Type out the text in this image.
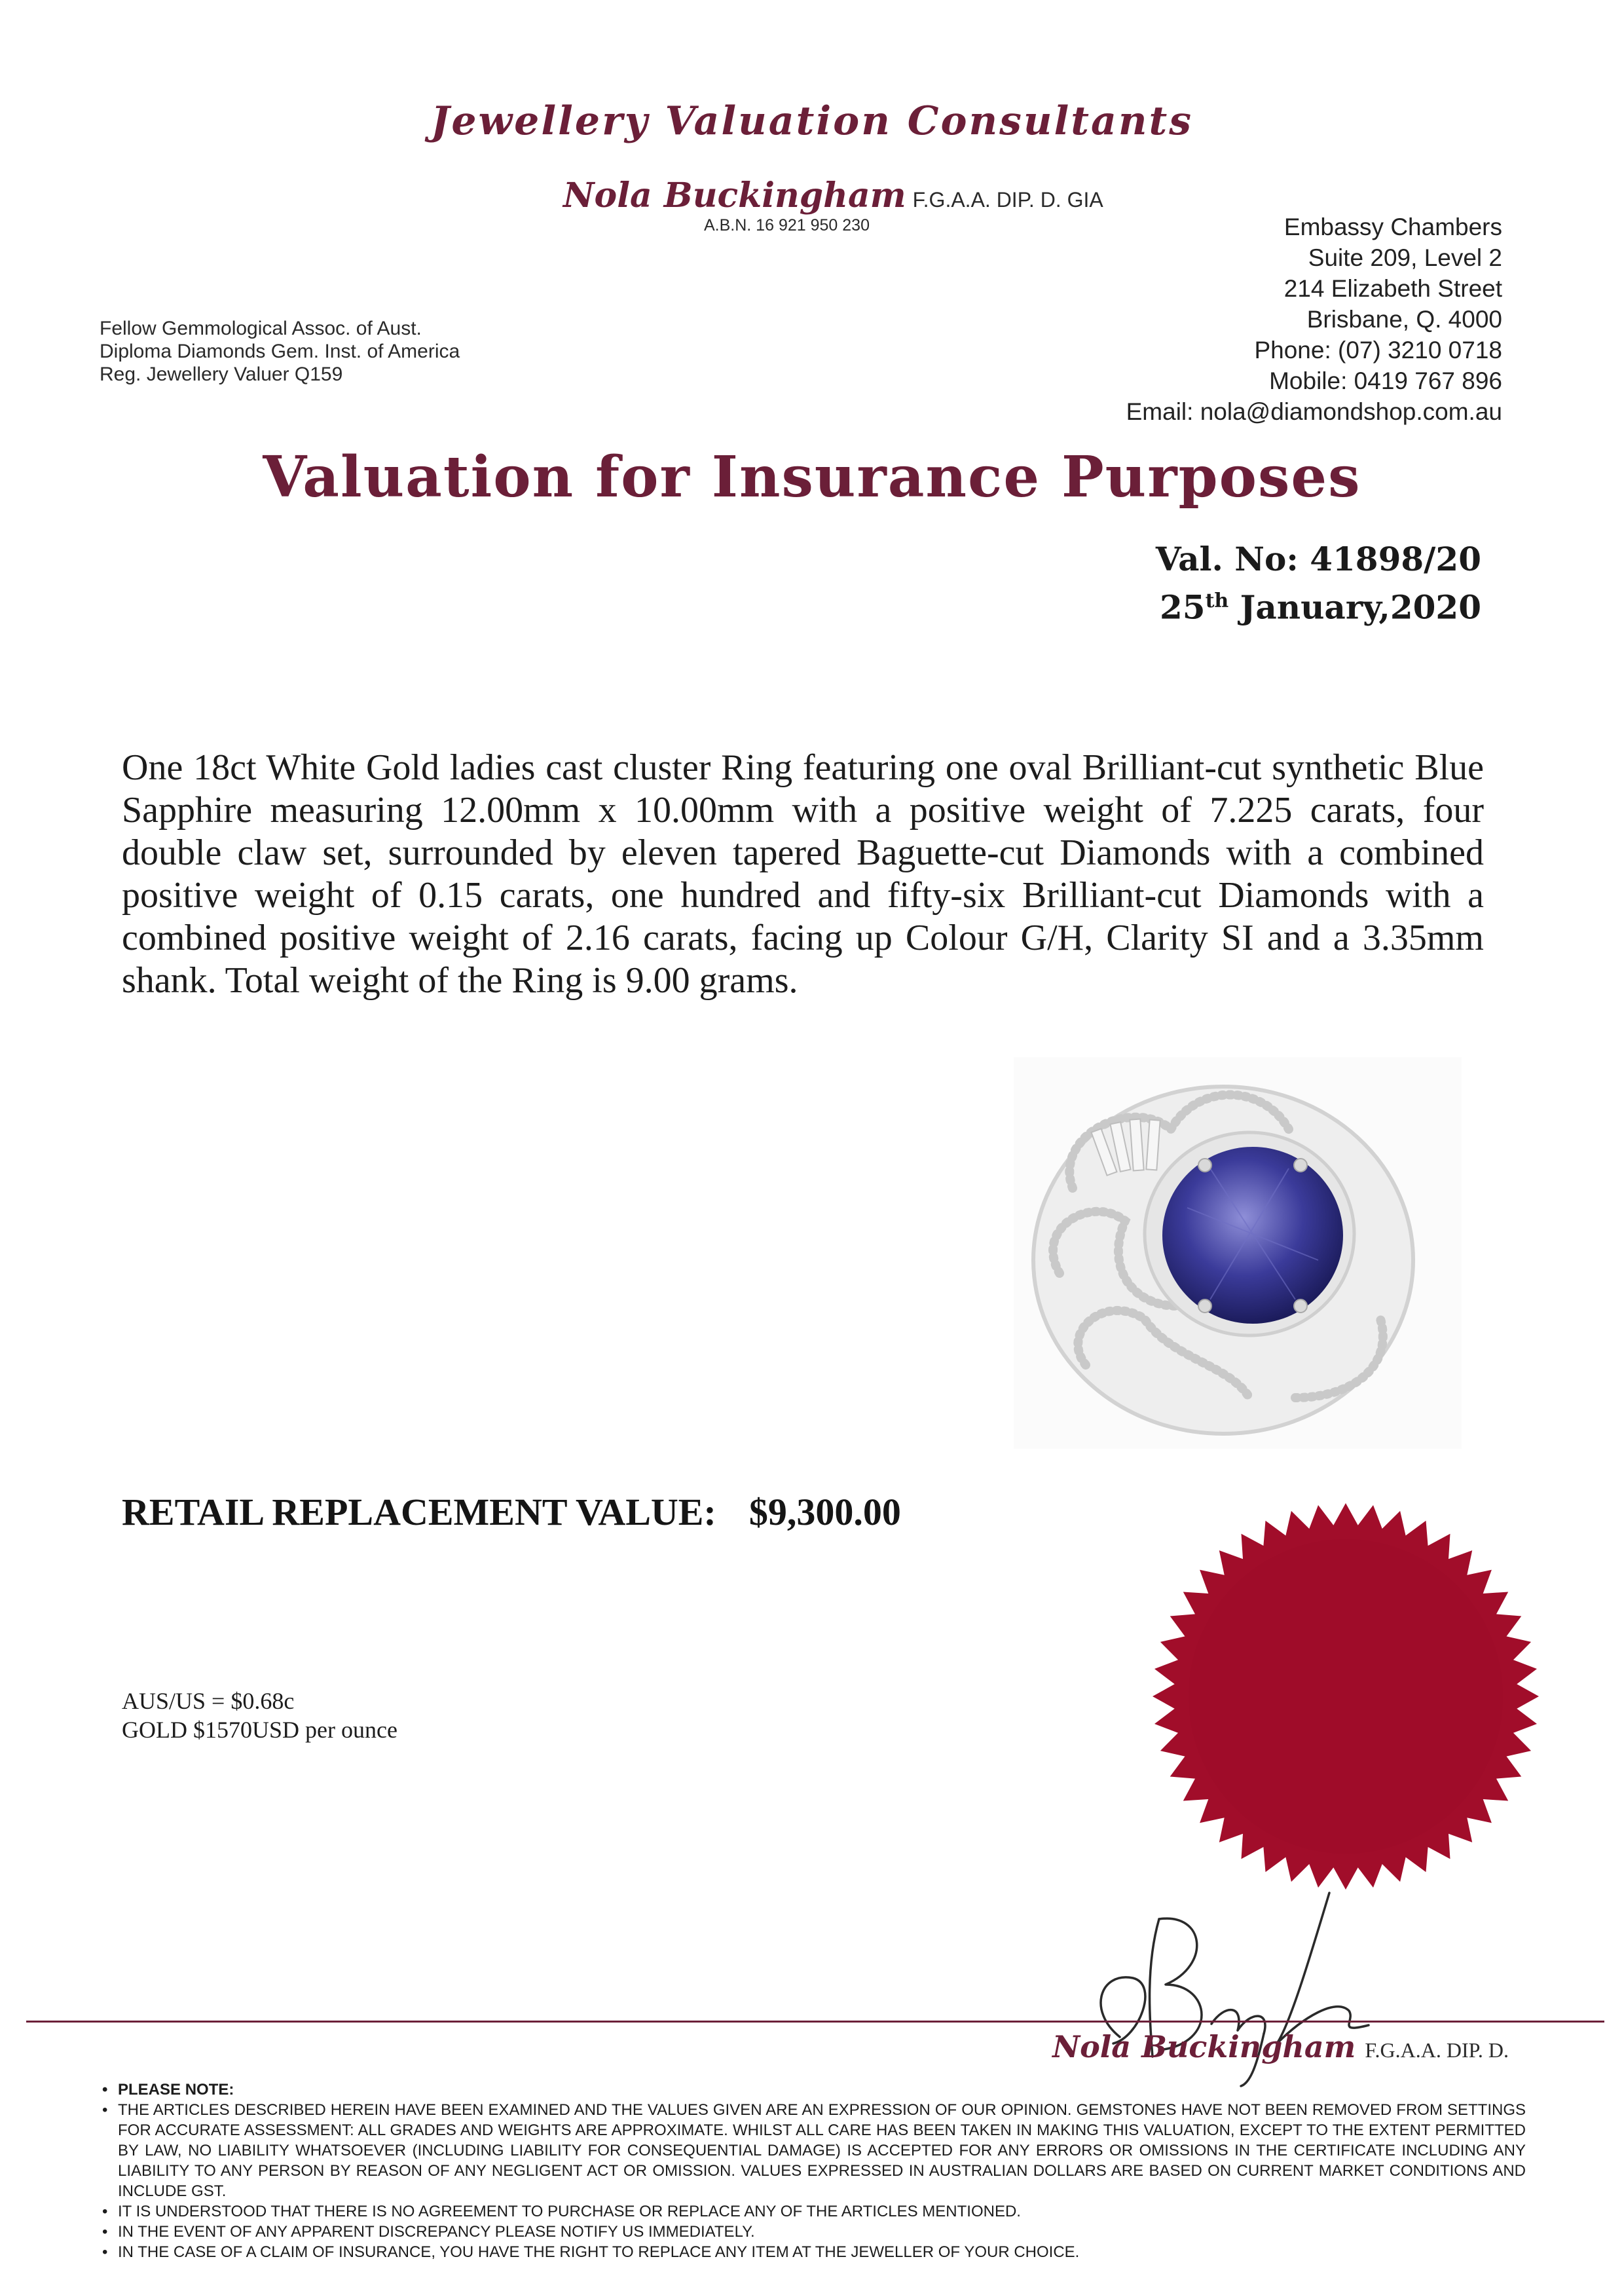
Jewellery Valuation Consultants
Nola Buckingham F.G.A.A. DIP. D. GIA
A.B.N. 16 921 950 230
Fellow Gemmological Assoc. of Aust.
Diploma Diamonds Gem. Inst. of America
Reg. Jewellery Valuer Q159
Embassy Chambers
Suite 209, Level 2
214 Elizabeth Street
Brisbane, Q. 4000
Phone: (07) 3210 0718
Mobile: 0419 767 896
Email: nola@diamondshop.com.au
Valuation for Insurance Purposes
Val. No: 41898/20
25th January,2020
One 18ct White Gold ladies cast cluster Ring featuring one oval Brilliant-cut synthetic Blue Sapphire measuring 12.00mm x 10.00mm with a positive weight of 7.225 carats, four double claw set, surrounded by eleven tapered Baguette-cut Diamonds with a combined positive weight of 0.15 carats, one hundred and fifty-six Brilliant-cut Diamonds with a combined positive weight of 2.16 carats, facing up Colour G/H, Clarity SI and a 3.35mm shank. Total weight of the Ring is 9.00 grams.
RETAIL REPLACEMENT VALUE: $9,300.00
AUS/US = $0.68c
GOLD $1570USD per ounce
Nola Buckingham F.G.A.A. DIP. D.
• PLEASE NOTE:
• THE ARTICLES DESCRIBED HEREIN HAVE BEEN EXAMINED AND THE VALUES GIVEN ARE AN EXPRESSION OF OUR OPINION. GEMSTONES HAVE NOT BEEN REMOVED FROM SETTINGS FOR ACCURATE ASSESSMENT: ALL GRADES AND WEIGHTS ARE APPROXIMATE. WHILST ALL CARE HAS BEEN TAKEN IN MAKING THIS VALUATION, EXCEPT TO THE EXTENT PERMITTED BY LAW, NO LIABILITY WHATSOEVER (INCLUDING LIABILITY FOR CONSEQUENTIAL DAMAGE) IS ACCEPTED FOR ANY ERRORS OR OMISSIONS IN THE CERTIFICATE INCLUDING ANY LIABILITY TO ANY PERSON BY REASON OF ANY NEGLIGENT ACT OR OMISSION. VALUES EXPRESSED IN AUSTRALIAN DOLLARS ARE BASED ON CURRENT MARKET CONDITIONS AND INCLUDE GST.
• IT IS UNDERSTOOD THAT THERE IS NO AGREEMENT TO PURCHASE OR REPLACE ANY OF THE ARTICLES MENTIONED.
• IN THE EVENT OF ANY APPARENT DISCREPANCY PLEASE NOTIFY US IMMEDIATELY.
• IN THE CASE OF A CLAIM OF INSURANCE, YOU HAVE THE RIGHT TO REPLACE ANY ITEM AT THE JEWELLER OF YOUR CHOICE.
